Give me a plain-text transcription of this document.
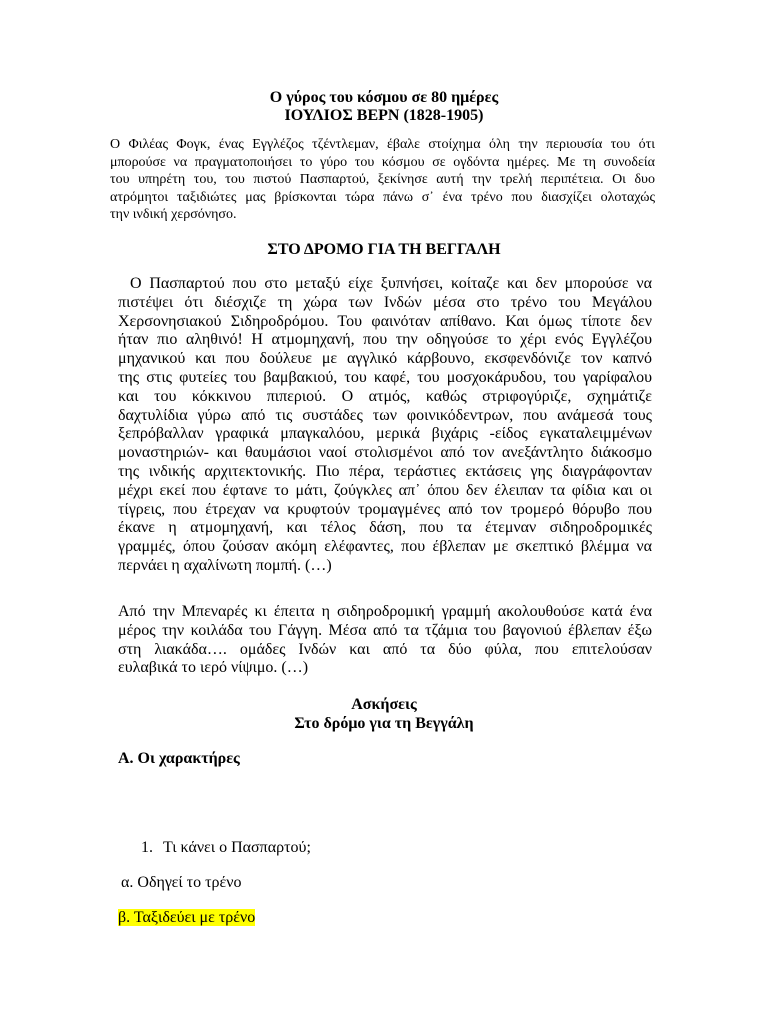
Ο γύρος του κόσμου σε 80 ημέρες
ΙΟΥΛΙΟΣ ΒΕΡΝ (1828-1905)
Ο Φιλέας Φογκ, ένας Εγγλέζος τζέντλεμαν, έβαλε στοίχημα όλη την περιουσία του ότι
μπορούσε να πραγματοποιήσει το γύρο του κόσμου σε ογδόντα ημέρες. Με τη συνοδεία
του υπηρέτη του, του πιστού Πασπαρτού, ξεκίνησε αυτή την τρελή περιπέτεια. Οι δυο
ατρόμητοι ταξιδιώτες μας βρίσκονται τώρα πάνω σ᾽ ένα τρένο που διασχίζει ολοταχώς
την ινδική χερσόνησο.
ΣΤΟ ΔΡΟΜΟ ΓΙΑ ΤΗ ΒΕΓΓΑΛΗ
Ο Πασπαρτού που στο μεταξύ είχε ξυπνήσει, κοίταζε και δεν μπορούσε να
πιστέψει ότι διέσχιζε τη χώρα των Ινδών μέσα στο τρένο του Μεγάλου
Χερσονησιακού Σιδηροδρόμου. Του φαινόταν απίθανο. Και όμως τίποτε δεν
ήταν πιο αληθινό! Η ατμομηχανή, που την οδηγούσε το χέρι ενός Εγγλέζου
μηχανικού και που δούλευε με αγγλικό κάρβουνο, εκσφενδόνιζε τον καπνό
της στις φυτείες του βαμβακιού, του καφέ, του μοσχοκάρυδου, του γαρίφαλου
και του κόκκινου πιπεριού. Ο ατμός, καθώς στριφογύριζε, σχημάτιζε
δαχτυλίδια γύρω από τις συστάδες των φοινικόδεντρων, που ανάμεσά τους
ξεπρόβαλλαν γραφικά μπαγκαλόου, μερικά βιχάρις -είδος εγκαταλειμμένων
μοναστηριών- και θαυμάσιοι ναοί στολισμένοι από τον ανεξάντλητο διάκοσμο
της ινδικής αρχιτεκτονικής. Πιο πέρα, τεράστιες εκτάσεις γης διαγράφονταν
μέχρι εκεί που έφτανε το μάτι, ζούγκλες απ᾽ όπου δεν έλειπαν τα φίδια και οι
τίγρεις, που έτρεχαν να κρυφτούν τρομαγμένες από τον τρομερό θόρυβο που
έκανε η ατμομηχανή, και τέλος δάση, που τα έτεμναν σιδηροδρομικές
γραμμές, όπου ζούσαν ακόμη ελέφαντες, που έβλεπαν με σκεπτικό βλέμμα να
περνάει η αχαλίνωτη πομπή. (…)
Από την Μπεναρές κι έπειτα η σιδηροδρομική γραμμή ακολουθούσε κατά ένα
μέρος την κοιλάδα του Γάγγη. Μέσα από τα τζάμια του βαγονιού έβλεπαν έξω
στη λιακάδα…. ομάδες Ινδών και από τα δύο φύλα, που επιτελούσαν
ευλαβικά το ιερό νίψιμο. (…)
Ασκήσεις
Στο δρόμο για τη Βεγγάλη
Α. Οι χαρακτήρες
1. Τι κάνει ο Πασπαρτού;
α. Οδηγεί το τρένο
β. Ταξιδεύει με τρένο
